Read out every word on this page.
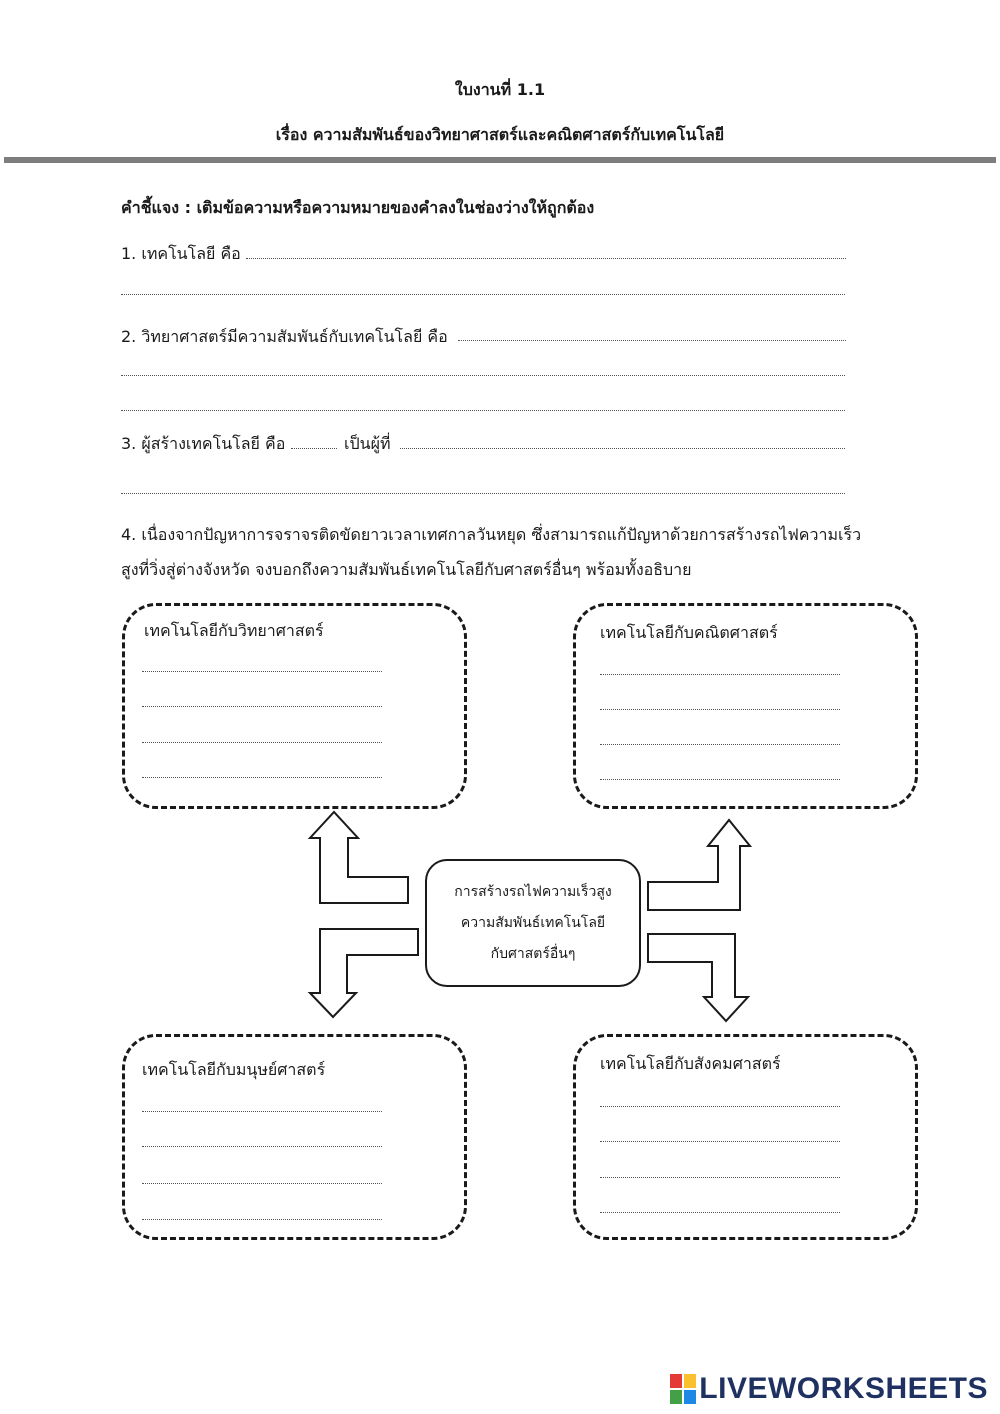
ใบงานที่ 1.1
เรื่อง ความสัมพันธ์ของวิทยาศาสตร์และคณิตศาสตร์กับเทคโนโลยี
คำชี้แจง : เติมข้อความหรือความหมายของคำลงในช่องว่างให้ถูกต้อง
1. เทคโนโลยี คือ
2. วิทยาศาสตร์มีความสัมพันธ์กับเทคโนโลยี คือ
3. ผู้สร้างเทคโนโลยี คือ	เป็นผู้ที่
4. เนื่องจากปัญหาการจราจรติดขัดยาวเวลาเทศกาลวันหยุด ซึ่งสามารถแก้ปัญหาด้วยการสร้างรถไฟความเร็ว
สูงที่วิ่งสู่ต่างจังหวัด จงบอกถึงความสัมพันธ์เทคโนโลยีกับศาสตร์อื่นๆ พร้อมทั้งอธิบาย
การสร้างรถไฟความเร็วสูง
ความสัมพันธ์เทคโนโลยี
กับศาสตร์อื่นๆ
เทคโนโลยีกับวิทยาศาสตร์	เทคโนโลยีกับคณิตศาสตร์
เทคโนโลยีกับมนุษย์ศาสตร์	เทคโนโลยีกับสังคมศาสตร์
LIVEWORKSHEETS
